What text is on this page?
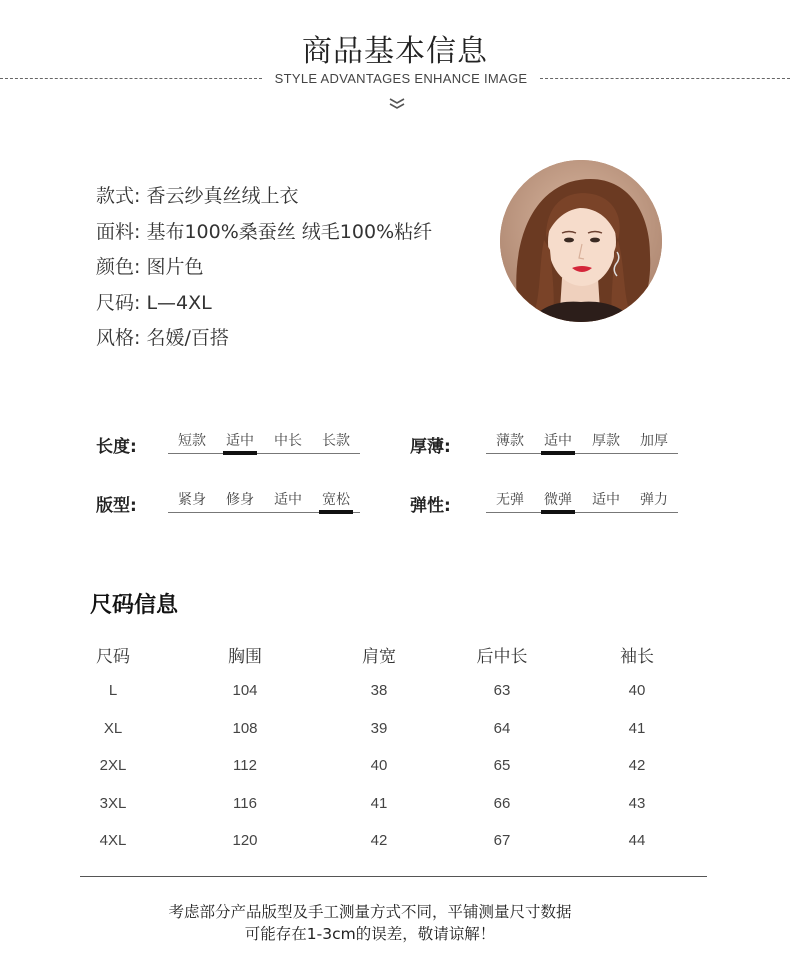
商品基本信息
STYLE ADVANTAGES ENHANCE IMAGE
款式: 香云纱真丝绒上衣
面料: 基布100%桑蚕丝 绒毛100%粘纤
颜色: 图片色
尺码: L—4XL
风格: 名媛/百搭
长度:	短款	适中	中长	长款	厚薄:	薄款	适中	厚款	加厚
版型:	紧身	修身	适中	宽松	弹性:	无弹	微弹	适中	弹力
尺码信息
尺码	胸围	肩宽	后中长	袖长
L	104	38	63	40
XL	108	39	64	41
2XL	112	40	65	42
3XL	116	41	66	43
4XL	120	42	67	44
考虑部分产品版型及手工测量方式不同，平铺测量尺寸数据
可能存在1-3cm的误差，敬请谅解！
